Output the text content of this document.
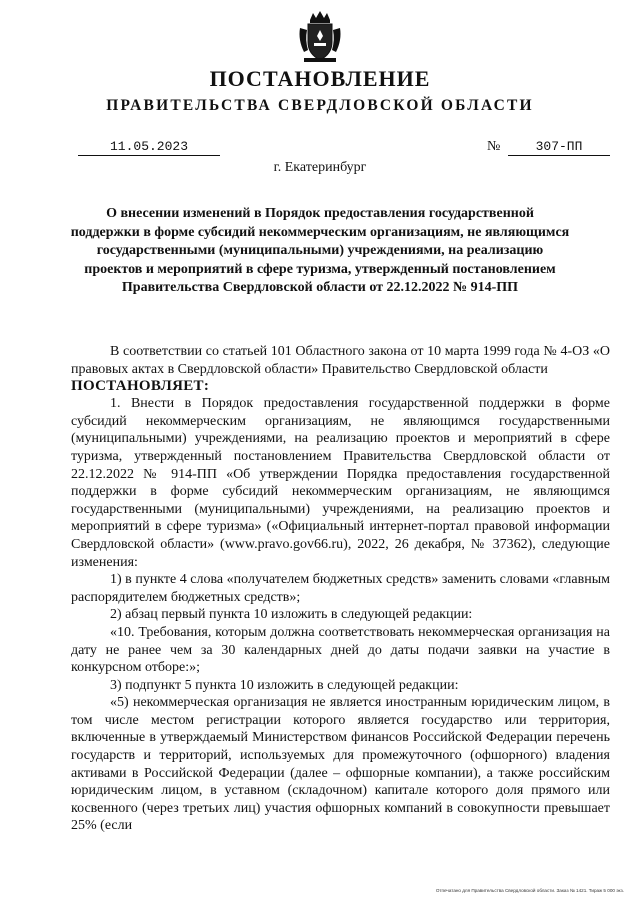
ПОСТАНОВЛЕНИЕ
ПРАВИТЕЛЬСТВА СВЕРДЛОВСКОЙ ОБЛАСТИ
11.05.2023	№	307-ПП
г. Екатеринбург
О внесении изменений в Порядок предоставления государственной поддержки в форме субсидий некоммерческим организациям, не являющимся государственными (муниципальными) учреждениями, на реализацию проектов и мероприятий в сфере туризма, утвержденный постановлением Правительства Свердловской области от 22.12.2022 № 914-ПП

В соответствии со статьей 101 Областного закона от 10 марта 1999 года № 4-ОЗ «О правовых актах в Свердловской области» Правительство Свердловской области

ПОСТАНОВЛЯЕТ:

1. Внести в Порядок предоставления государственной поддержки в форме субсидий некоммерческим организациям, не являющимся государственными (муниципальными) учреждениями, на реализацию проектов и мероприятий в сфере туризма, утвержденный постановлением Правительства Свердловской области от 22.12.2022 № 914-ПП «Об утверждении Порядка предоставления государственной поддержки в форме субсидий некоммерческим организациям, не являющимся государственными (муниципальными) учреждениями, на реализацию проектов и мероприятий в сфере туризма» («Официальный интернет-портал правовой информации Свердловской области» (www.pravo.gov66.ru), 2022, 26 декабря, № 37362), следующие изменения:

1) в пункте 4 слова «получателем бюджетных средств» заменить словами «главным распорядителем бюджетных средств»;

2) абзац первый пункта 10 изложить в следующей редакции:

«10. Требования, которым должна соответствовать некоммерческая организация на дату не ранее чем за 30 календарных дней до даты подачи заявки на участие в конкурсном отборе:»;

3) подпункт 5 пункта 10 изложить в следующей редакции:

«5) некоммерческая организация не является иностранным юридическим лицом, в том числе местом регистрации которого является государство или территория, включенные в утверждаемый Министерством финансов Российской Федерации перечень государств и территорий, используемых для промежуточного (офшорного) владения активами в Российской Федерации (далее – офшорные компании), а также российским юридическим лицом, в уставном (складочном) капитале которого доля прямого или косвенного (через третьих лиц) участия офшорных компаний в совокупности превышает 25% (если

Отпечатано для Правительства Свердловской области. Заказ № 1421. Тираж 5 000 экз.
